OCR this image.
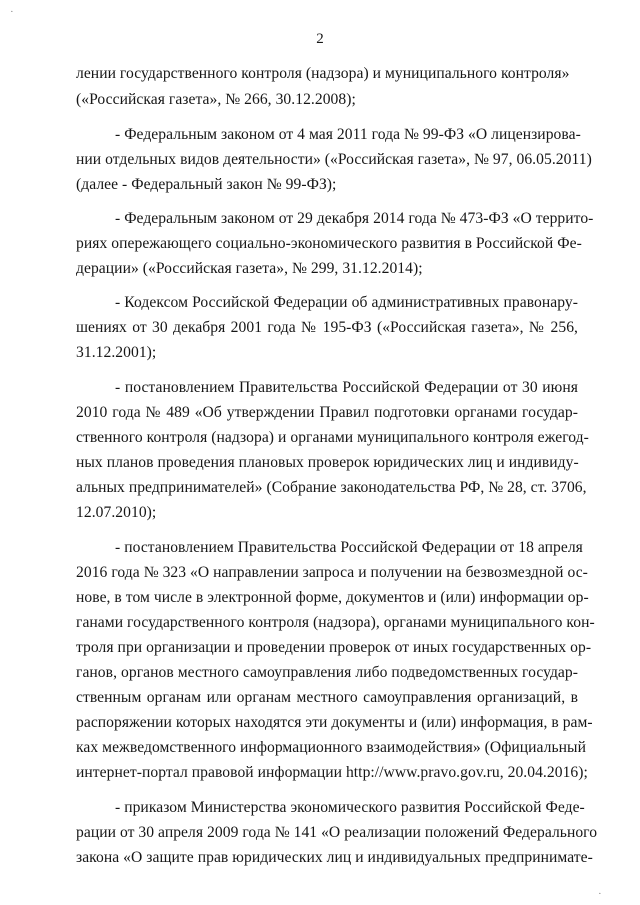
2
лении государственного контроля (надзора) и муниципального контроля»
(«Российская газета», № 266, 30.12.2008);
- Федеральным законом от 4 мая 2011 года № 99-ФЗ «О лицензирова-
нии отдельных видов деятельности» («Российская газета», № 97, 06.05.2011)
(далее - Федеральный закон № 99-ФЗ);
- Федеральным законом от 29 декабря 2014 года № 473-ФЗ «О террито-
риях опережающего социально-экономического развития в Российской Фе-
дерации» («Российская газета», № 299, 31.12.2014);
- Кодексом Российской Федерации об административных правонару-
шениях от 30 декабря 2001 года № 195-ФЗ («Российская газета», № 256,
31.12.2001);
- постановлением Правительства Российской Федерации от 30 июня
2010 года № 489 «Об утверждении Правил подготовки органами государ-
ственного контроля (надзора) и органами муниципального контроля ежегод-
ных планов проведения плановых проверок юридических лиц и индивиду-
альных предпринимателей» (Собрание законодательства РФ, № 28, ст. 3706,
12.07.2010);
- постановлением Правительства Российской Федерации от 18 апреля
2016 года № 323 «О направлении запроса и получении на безвозмездной ос-
нове, в том числе в электронной форме, документов и (или) информации ор-
ганами государственного контроля (надзора), органами муниципального кон-
троля при организации и проведении проверок от иных государственных ор-
ганов, органов местного самоуправления либо подведомственных государ-
ственным органам или органам местного самоуправления организаций, в
распоряжении которых находятся эти документы и (или) информация, в рам-
ках межведомственного информационного взаимодействия» (Официальный
интернет-портал правовой информации http://www.pravo.gov.ru, 20.04.2016);
- приказом Министерства экономического развития Российской Феде-
рации от 30 апреля 2009 года № 141 «О реализации положений Федерального
закона «О защите прав юридических лиц и индивидуальных предпринимате-
·
·
